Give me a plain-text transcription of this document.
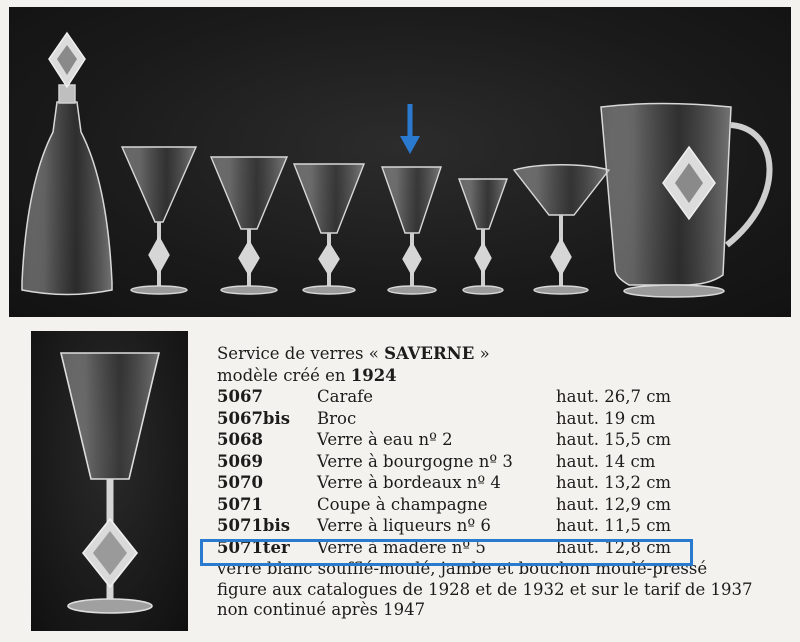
Service de verres « SAVERNE »
modèle créé en 1924
5067	Carafe	haut. 26,7 cm
5067bis Broc	haut. 19 cm
5068	Verre à eau nº 2	haut. 15,5 cm
5069	Verre à bourgogne nº 3	haut. 14 cm
5070	Verre à bordeaux nº 4	haut. 13,2 cm
5071	Coupe à champagne	haut. 12,9 cm
5071bis Verre à liqueurs nº 6	haut. 11,5 cm
5071ter Verre à madère nº 5	haut. 12,8 cm
verre blanc soufflé-moulé, jambe et bouchon moulé-pressé
figure aux catalogues de 1928 et de 1932 et sur le tarif de 1937
non continué après 1947
